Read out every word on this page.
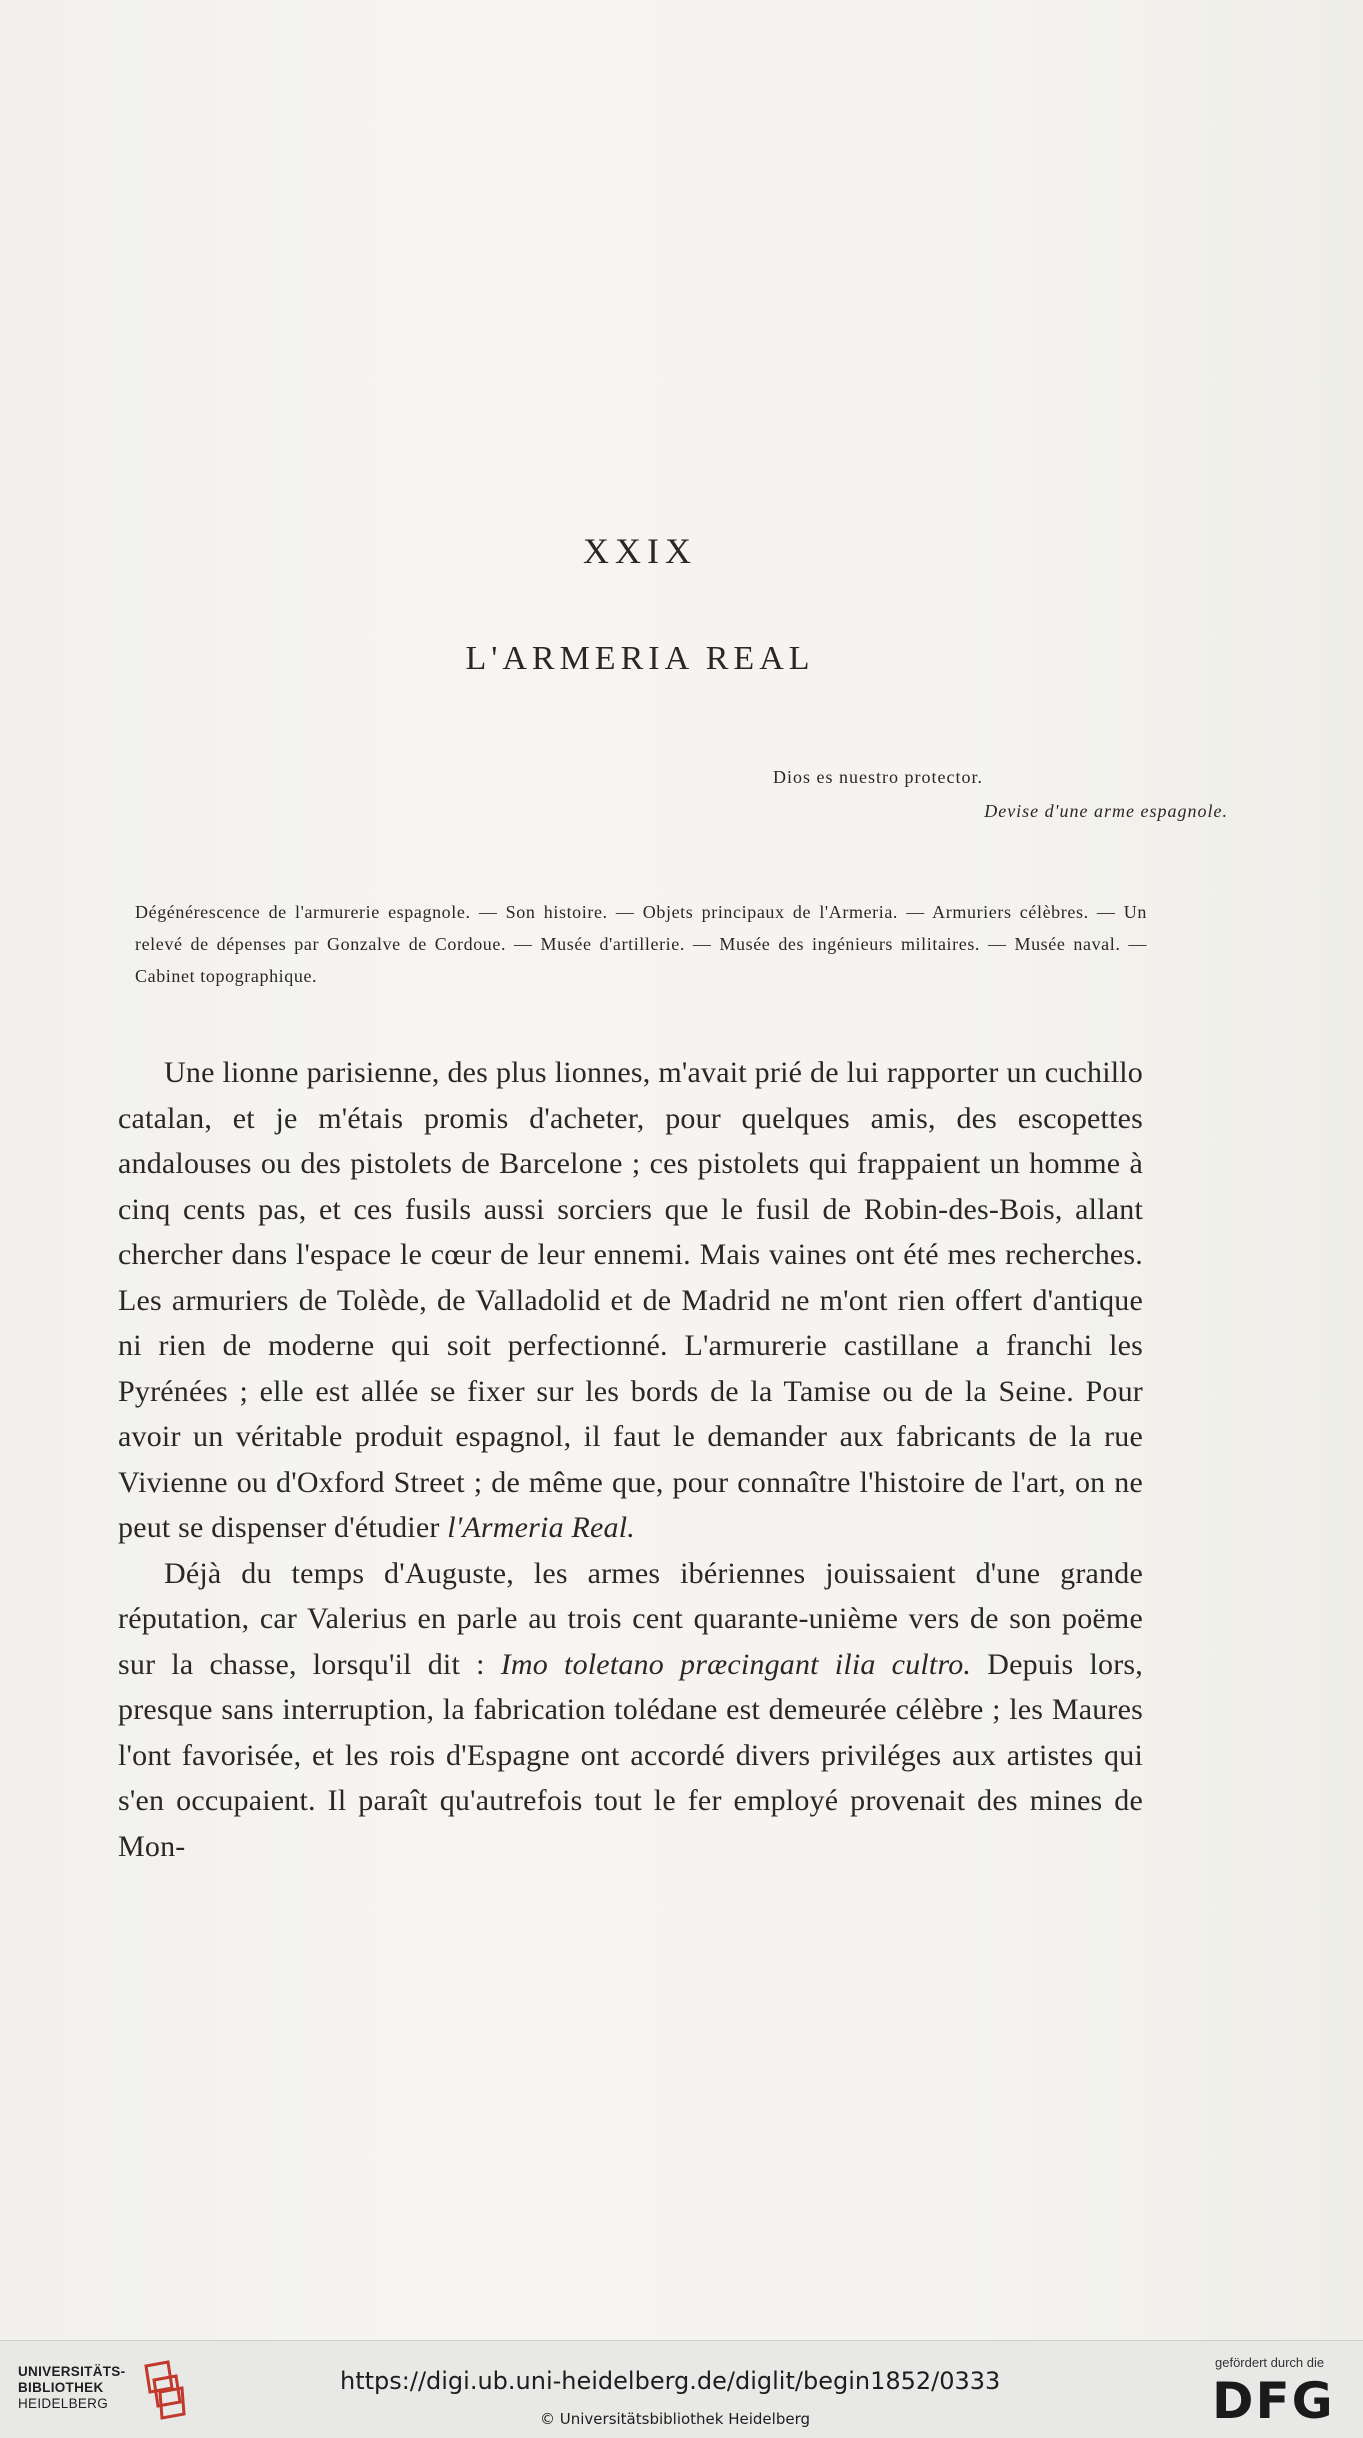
XXIX
L'ARMERIA REAL
Dios es nuestro protector.
Devise d'une arme espagnole.
Dégénérescence de l'armurerie espagnole. — Son histoire. — Objets principaux de l'Armeria. — Armuriers célèbres. — Un relevé de dépenses par Gonzalve de Cordoue. — Musée d'artillerie. — Musée des ingénieurs militaires. — Musée naval. — Cabinet topographique.

Une lionne parisienne, des plus lionnes, m'avait prié de lui rapporter un cuchillo catalan, et je m'étais promis d'acheter, pour quelques amis, des escopettes andalouses ou des pistolets de Barcelone ; ces pistolets qui frappaient un homme à cinq cents pas, et ces fusils aussi sorciers que le fusil de Robin-des-Bois, allant chercher dans l'espace le cœur de leur ennemi. Mais vaines ont été mes recherches. Les armuriers de Tolède, de Valladolid et de Madrid ne m'ont rien offert d'antique ni rien de moderne qui soit perfectionné. L'armurerie castillane a franchi les Pyrénées ; elle est allée se fixer sur les bords de la Tamise ou de la Seine. Pour avoir un véritable produit espagnol, il faut le demander aux fabricants de la rue Vivienne ou d'Oxford Street ; de même que, pour connaître l'histoire de l'art, on ne peut se dispenser d'étudier l'Armeria Real.

Déjà du temps d'Auguste, les armes ibériennes jouissaient d'une grande réputation, car Valerius en parle au trois cent quarante-unième vers de son poëme sur la chasse, lorsqu'il dit : Imo toletano præcingant ilia cultro. Depuis lors, presque sans interruption, la fabrication tolédane est demeurée célèbre ; les Maures l'ont favorisée, et les rois d'Espagne ont accordé divers priviléges aux artistes qui s'en occupaient. Il paraît qu'autrefois tout le fer employé provenait des mines de Mon-

UNIVERSITÄTS-
BIBLIOTHEK
HEIDELBERG
https://digi.ub.uni-heidelberg.de/diglit/begin1852/0333
© Universitätsbibliothek Heidelberg
gefördert durch die
DFG
